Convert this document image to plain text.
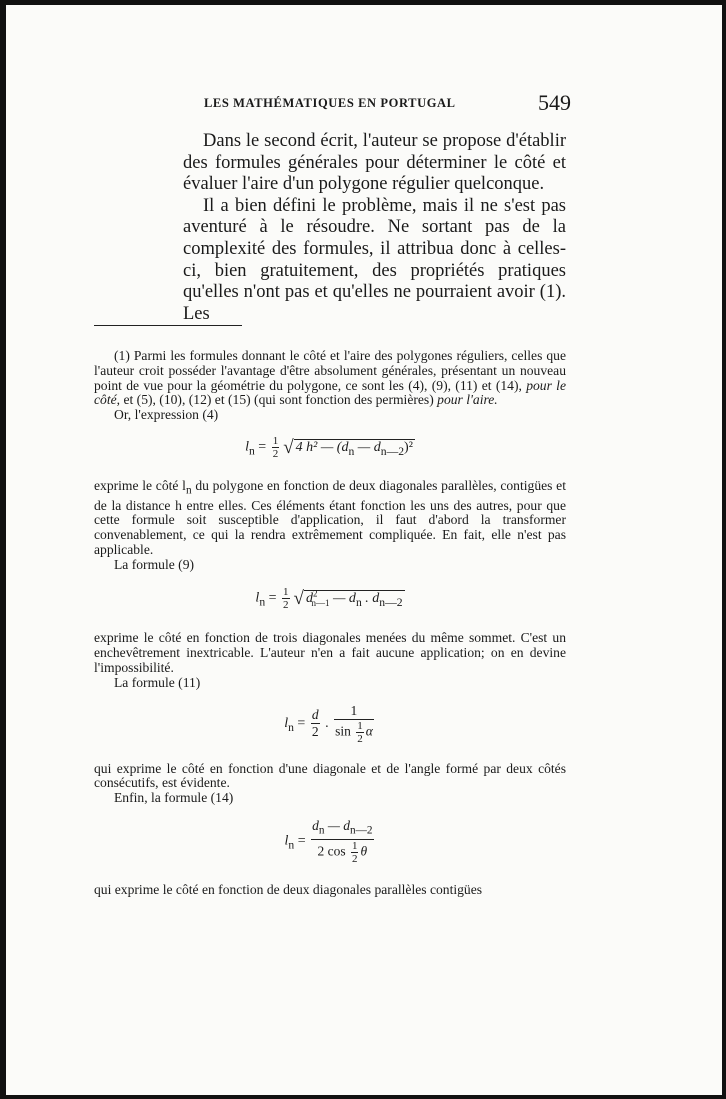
LES MATHÉMATIQUES EN PORTUGAL	549

Dans le second écrit, l'auteur se propose d'établir des formules générales pour déterminer le côté et évaluer l'aire d'un polygone régulier quelconque.

Il a bien défini le problème, mais il ne s'est pas aventuré à le résoudre. Ne sortant pas de la complexité des formules, il attribua donc à celles-ci, bien gratuitement, des propriétés pratiques qu'elles n'ont pas et qu'elles ne pourraient avoir (1). Les

(1) Parmi les formules donnant le côté et l'aire des polygones réguliers, celles que l'auteur croit posséder l'avantage d'être absolument générales, présentant un nouveau point de vue pour la géométrie du polygone, ce sont les (4), (9), (11) et (14), pour le côté, et (5), (10), (12) et (15) (qui sont fonction des permières) pour l'aire.

Or, l'expression (4)

$l_n = \frac{1}{2}$ √ 4 h² — ($d_n$ — $d_{n—2})^2$

exprime le côté $l_n$ du polygone en fonction de deux diagonales parallèles, contigües et de la distance h entre elles. Ces éléments étant fonction les uns des autres, pour que cette formule soit susceptible d'application, il faut d'abord la transformer convenablement, ce qui la rendra extrêmement compliquée. En fait, elle n'est pas applicable.

La formule (9)

$l_n = \frac{1}{2}$ √ $d^2_{n—1}$ — $d_n$ . $d_{n—2}$

exprime le côté en fonction de trois diagonales menées du même sommet. C'est un enchevêtrement inextricable. L'auteur n'en a fait aucune application; on en devine l'impossibilité.

La formule (11)

$l_n = \frac{d}{2}$ . $\frac{1}{\sin \frac{1}{2} \alpha}$

qui exprime le côté en fonction d'une diagonale et de l'angle formé par deux côtés consécutifs, est évidente.

Enfin, la formule (14)

$l_n = \frac{d_n — d_{n—2}}{2 \cos \frac{1}{2} \theta}$

qui exprime le côté en fonction de deux diagonales parallèles contigües
